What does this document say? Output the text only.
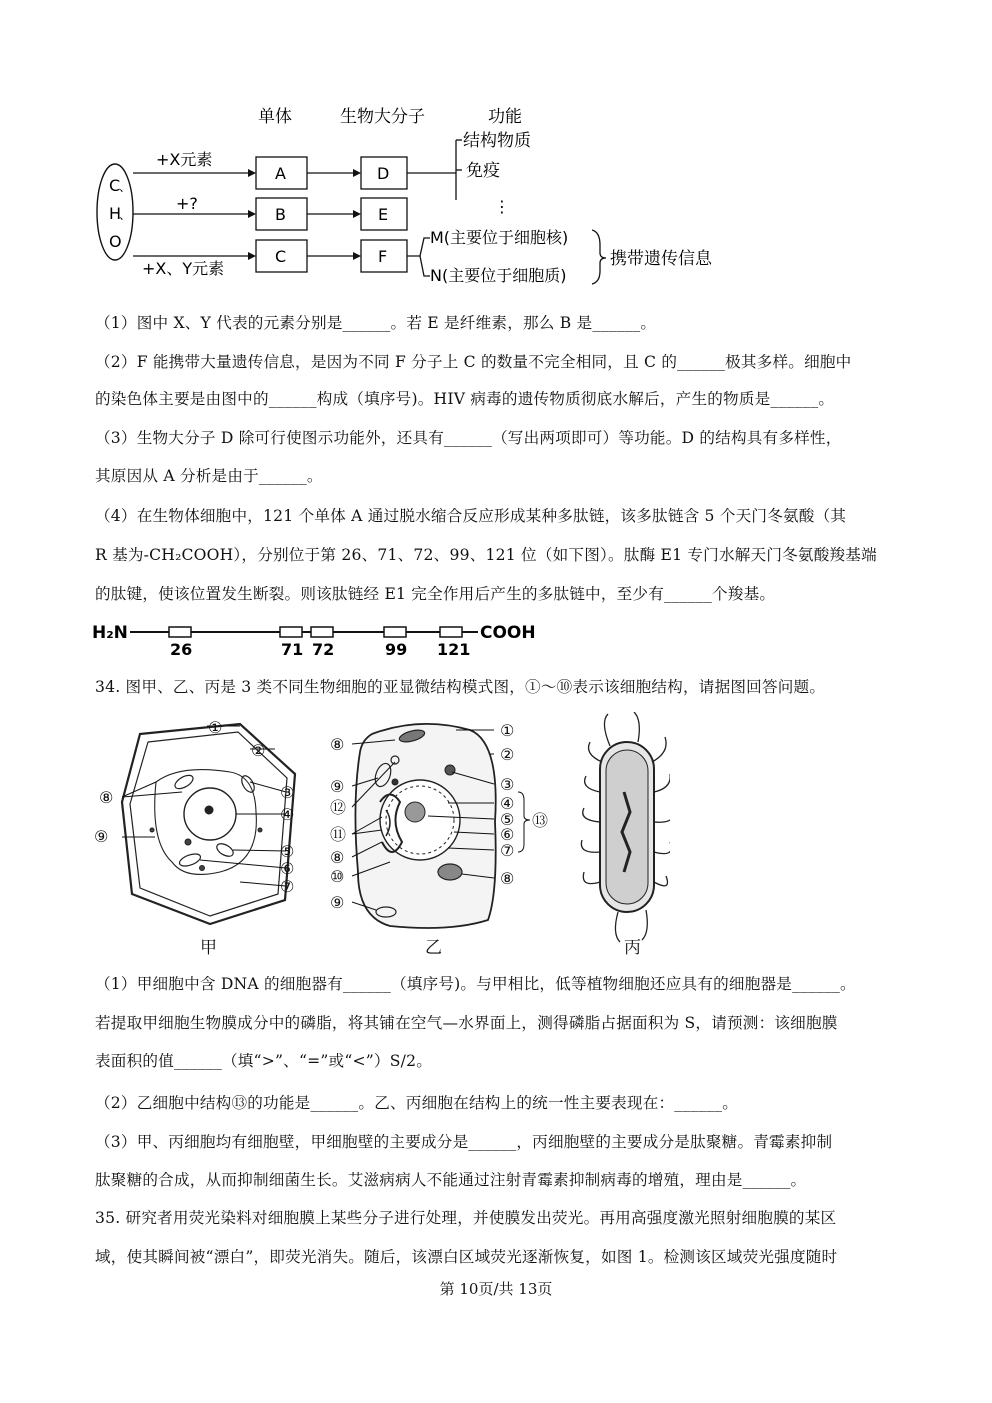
单体	生物大分子	功能
C
、
H
、
O
+X元素
+?
+X、Y元素
A
B
C
D
E
F
结构物质
免疫
⋮
M(主要位于细胞核)
N(主要位于细胞质)
携带遗传信息
（1）图中 X、Y 代表的元素分别是______。若 E 是纤维素，那么 B 是______。
（2）F 能携带大量遗传信息，是因为不同 F 分子上 C 的数量不完全相同，且 C 的______极其多样。细胞中
的染色体主要是由图中的______构成（填序号)。HIV 病毒的遗传物质彻底水解后，产生的物质是______。
（3）生物大分子 D 除可行使图示功能外，还具有______（写出两项即可）等功能。D 的结构具有多样性，
其原因从 A 分析是由于______。
（4）在生物体细胞中，121 个单体 A 通过脱水缩合反应形成某种多肽链，该多肽链含 5 个天门冬氨酸（其
R 基为-CH₂COOH），分别位于第 26、71、72、99、121 位（如下图）。肽酶 E1 专门水解天门冬氨酸羧基端
的肽键，使该位置发生断裂。则该肽链经 E1 完全作用后产生的多肽链中，至少有______个羧基。
H₂N	COOH
26	71 72	99 121
34. 图甲、乙、丙是 3 类不同生物细胞的亚显微结构模式图，①～⑩表示该细胞结构，请据图回答问题。
①
②
③
④
⑤
⑥
⑦
⑧
⑨
①
②
③
④
⑤
⑥
⑦
⑧
⑧
⑨
⑫
⑪
⑧
⑩
⑨
⑬
甲	乙	丙
（1）甲细胞中含 DNA 的细胞器有______（填序号)。与甲相比，低等植物细胞还应具有的细胞器是______。
若提取甲细胞生物膜成分中的磷脂，将其铺在空气—水界面上，测得磷脂占据面积为 S，请预测：该细胞膜
表面积的值______（填“>”、“=”或“<”）S/2。
（2）乙细胞中结构⑬的功能是______。乙、丙细胞在结构上的统一性主要表现在：______。
（3）甲、丙细胞均有细胞壁，甲细胞壁的主要成分是______，丙细胞壁的主要成分是肽聚糖。青霉素抑制
肽聚糖的合成，从而抑制细菌生长。艾滋病病人不能通过注射青霉素抑制病毒的增殖，理由是______。
35. 研究者用荧光染料对细胞膜上某些分子进行处理，并使膜发出荧光。再用高强度激光照射细胞膜的某区
域，使其瞬间被“漂白”，即荧光消失。随后，该漂白区域荧光逐渐恢复，如图 1。检测该区域荧光强度随时
第 10页/共 13页
